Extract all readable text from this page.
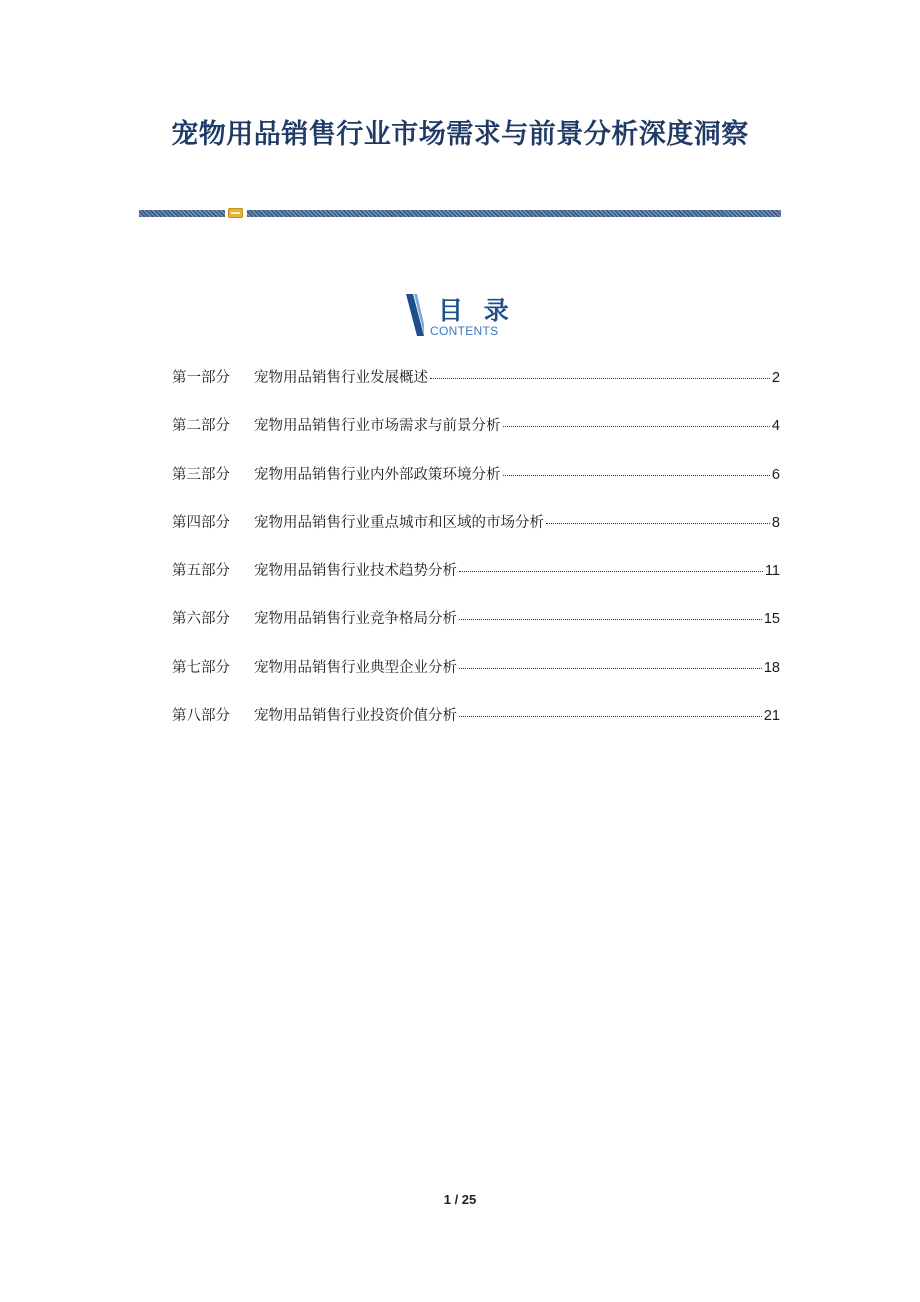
宠物用品销售行业市场需求与前景分析深度洞察
目 录
CONTENTS
第一部分	宠物用品销售行业发展概述	2
第二部分	宠物用品销售行业市场需求与前景分析	4
第三部分	宠物用品销售行业内外部政策环境分析	6
第四部分	宠物用品销售行业重点城市和区域的市场分析	8
第五部分	宠物用品销售行业技术趋势分析	11
第六部分	宠物用品销售行业竞争格局分析	15
第七部分	宠物用品销售行业典型企业分析	18
第八部分	宠物用品销售行业投资价值分析	21
1 / 25
